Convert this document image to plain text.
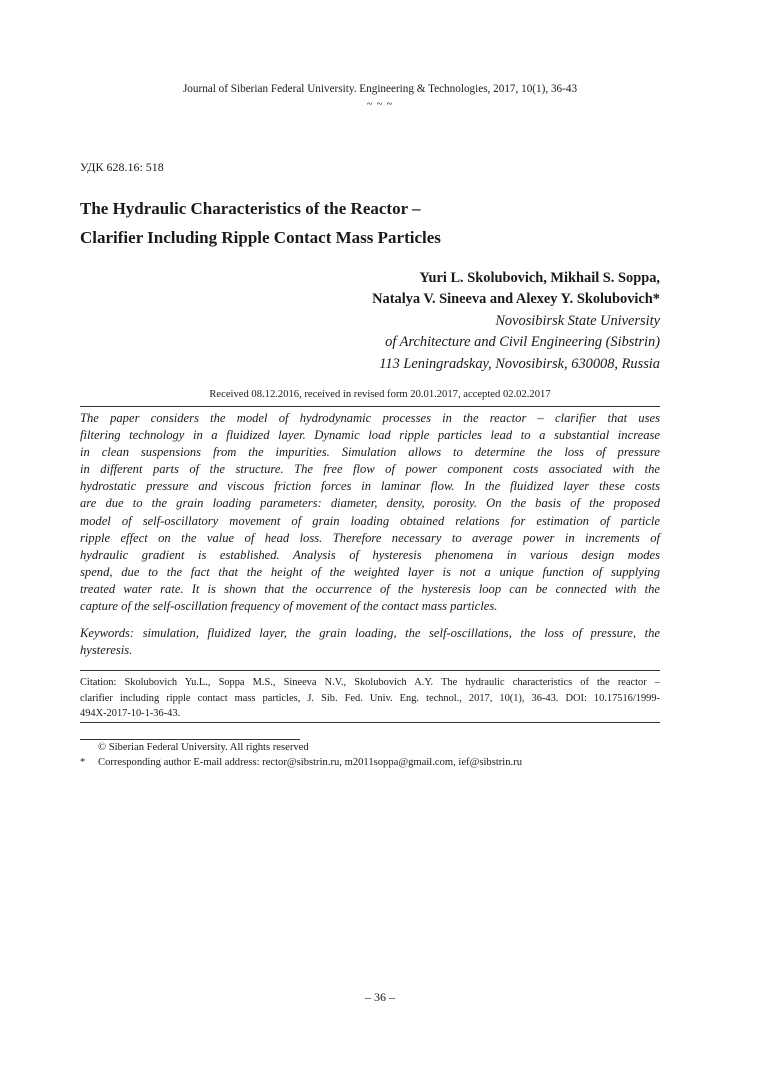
Journal of Siberian Federal University. Engineering & Technologies, 2017, 10(1), 36-43
~ ~ ~
УДК 628.16: 518
The Hydraulic Characteristics of the Reactor –
Clarifier Including Ripple Contact Mass Particles
Yuri L. Skolubovich, Mikhail S. Soppa,
Natalya V. Sineeva and Alexey Y. Skolubovich*
Novosibirsk State University
of Architecture and Civil Engineering (Sibstrin)
113 Leningradskay, Novosibirsk, 630008, Russia
Received 08.12.2016, received in revised form 20.01.2017, accepted 02.02.2017
The paper considers the model of hydrodynamic processes in the reactor – clarifier that uses
filtering technology in a fluidized layer. Dynamic load ripple particles lead to a substantial increase
in clean suspensions from the impurities. Simulation allows to determine the loss of pressure
in different parts of the structure. The free flow of power component costs associated with the
hydrostatic pressure and viscous friction forces in laminar flow. In the fluidized layer these costs
are due to the grain loading parameters: diameter, density, porosity. On the basis of the proposed
model of self-oscillatory movement of grain loading obtained relations for estimation of particle
ripple effect on the value of head loss. Therefore necessary to average power in increments of
hydraulic gradient is established. Analysis of hysteresis phenomena in various design modes
spend, due to the fact that the height of the weighted layer is not a unique function of supplying
treated water rate. It is shown that the occurrence of the hysteresis loop can be connected with the
capture of the self-oscillation frequency of movement of the contact mass particles.
Keywords: simulation, fluidized layer, the grain loading, the self-oscillations, the loss of pressure, the
hysteresis.
Citation: Skolubovich Yu.L., Soppa M.S., Sineeva N.V., Skolubovich A.Y. The hydraulic characteristics of the reactor –
clarifier including ripple contact mass particles, J. Sib. Fed. Univ. Eng. technol., 2017, 10(1), 36-43. DOI: 10.17516/1999-
494X-2017-10-1-36-43.
© Siberian Federal University. All rights reserved
* Corresponding author E-mail address: rector@sibstrin.ru, m2011soppa@gmail.com, ief@sibstrin.ru
– 36 –
